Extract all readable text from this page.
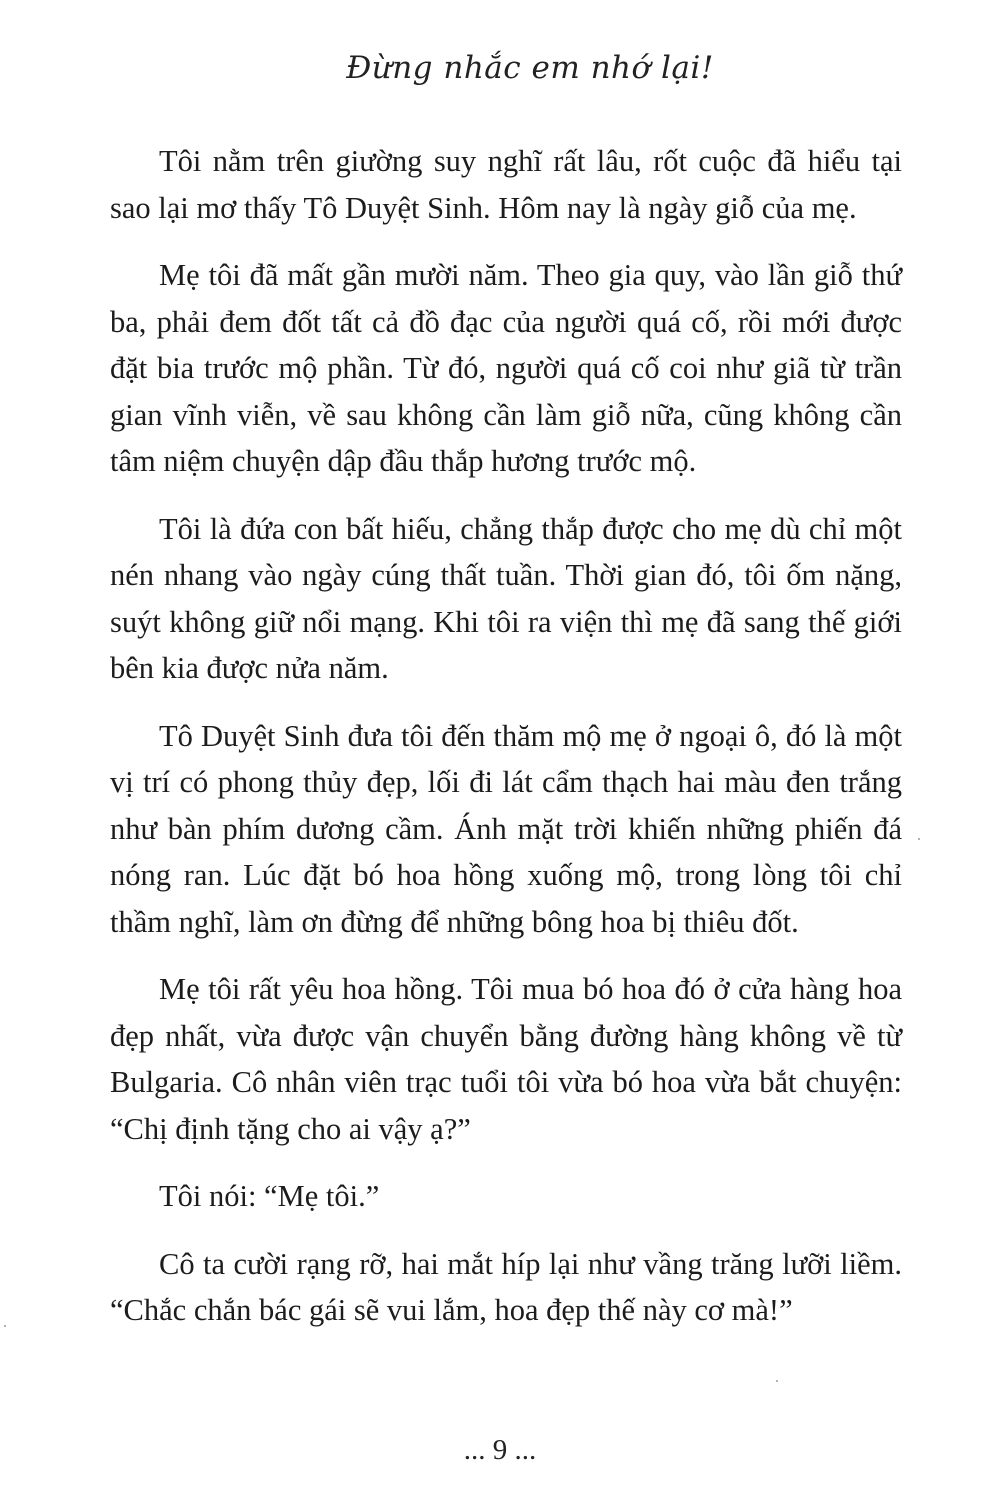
Đừng nhắc em nhớ lại!

Tôi nằm trên giường suy nghĩ rất lâu, rốt cuộc đã hiểu tại sao lại mơ thấy Tô Duyệt Sinh. Hôm nay là ngày giỗ của mẹ.

Mẹ tôi đã mất gần mười năm. Theo gia quy, vào lần giỗ thứ ba, phải đem đốt tất cả đồ đạc của người quá cố, rồi mới được đặt bia trước mộ phần. Từ đó, người quá cố coi như giã từ trần gian vĩnh viễn, về sau không cần làm giỗ nữa, cũng không cần tâm niệm chuyện dập đầu thắp hương trước mộ.

Tôi là đứa con bất hiếu, chẳng thắp được cho mẹ dù chỉ một nén nhang vào ngày cúng thất tuần. Thời gian đó, tôi ốm nặng, suýt không giữ nổi mạng. Khi tôi ra viện thì mẹ đã sang thế giới bên kia được nửa năm.

Tô Duyệt Sinh đưa tôi đến thăm mộ mẹ ở ngoại ô, đó là một vị trí có phong thủy đẹp, lối đi lát cẩm thạch hai màu đen trắng như bàn phím dương cầm. Ánh mặt trời khiến những phiến đá nóng ran. Lúc đặt bó hoa hồng xuống mộ, trong lòng tôi chỉ thầm nghĩ, làm ơn đừng để những bông hoa bị thiêu đốt.

Mẹ tôi rất yêu hoa hồng. Tôi mua bó hoa đó ở cửa hàng hoa đẹp nhất, vừa được vận chuyển bằng đường hàng không về từ Bulgaria. Cô nhân viên trạc tuổi tôi vừa bó hoa vừa bắt chuyện: “Chị định tặng cho ai vậy ạ?”

Tôi nói: “Mẹ tôi.”

Cô ta cười rạng rỡ, hai mắt híp lại như vầng trăng lưỡi liềm. “Chắc chắn bác gái sẽ vui lắm, hoa đẹp thế này cơ mà!”

... 9 ...
